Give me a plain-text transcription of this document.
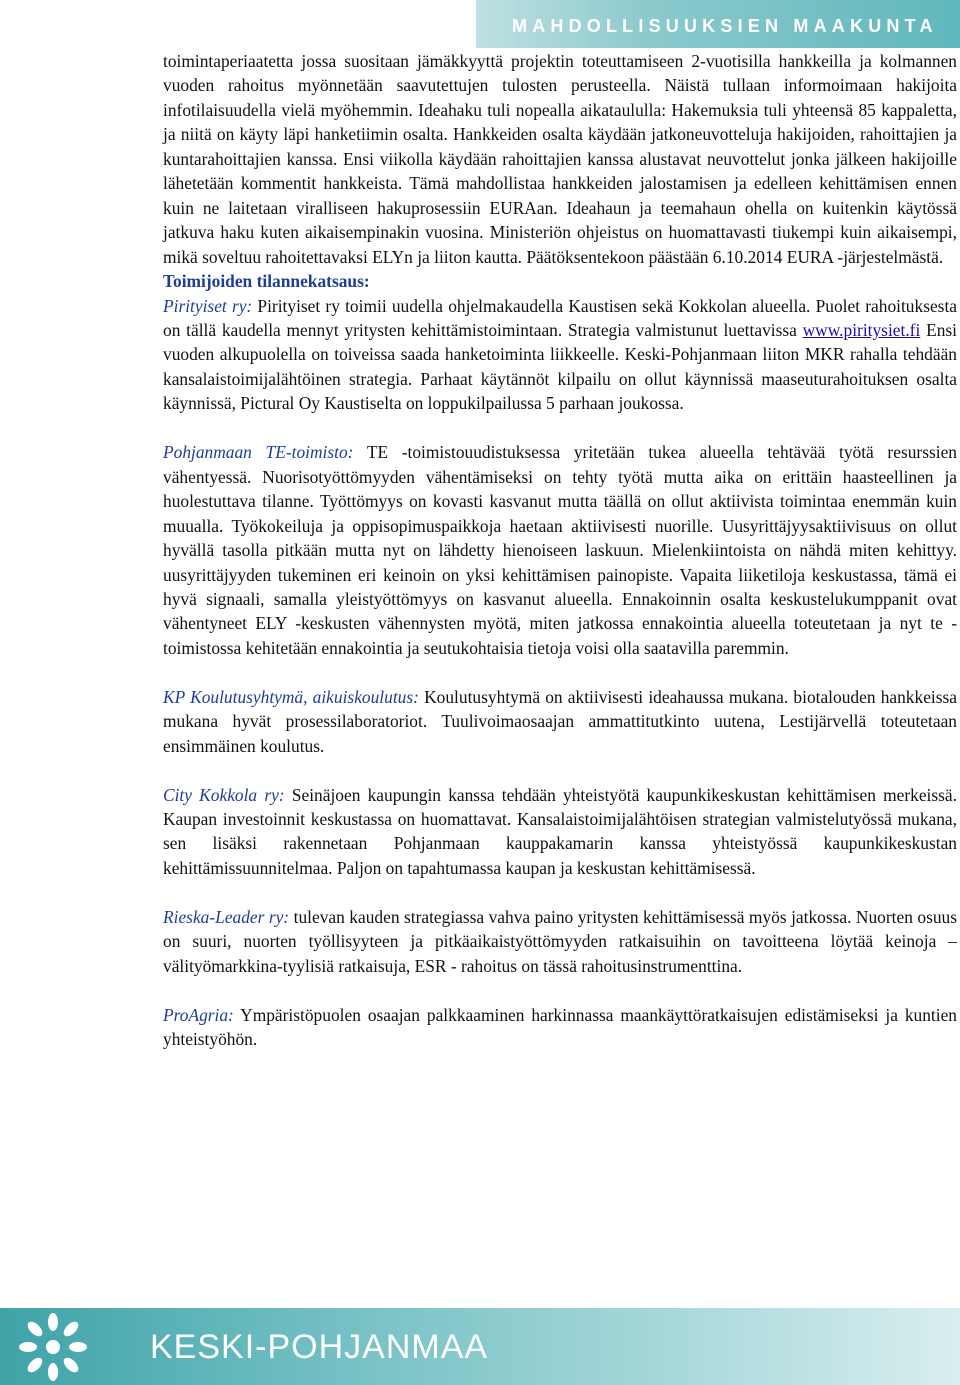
MAHDOLLISUUKSIEN MAAKUNTA

toimintaperiaatetta jossa suositaan jämäkkyyttä projektin toteuttamiseen 2-vuotisilla hankkeilla ja kolmannen vuoden rahoitus myönnetään saavutettujen tulosten perusteella. Näistä tullaan informoimaan hakijoita infotilaisuudella vielä myöhemmin. Ideahaku tuli nopealla aikataululla: Hakemuksia tuli yhteensä 85 kappaletta, ja niitä on käyty läpi hanketiimin osalta. Hankkeiden osalta käydään jatkoneuvotteluja hakijoiden, rahoittajien ja kuntarahoittajien kanssa. Ensi viikolla käydään rahoittajien kanssa alustavat neuvottelut jonka jälkeen hakijoille lähetetään kommentit hankkeista. Tämä mahdollistaa hankkeiden jalostamisen ja edelleen kehittämisen ennen kuin ne laitetaan viralliseen hakuprosessiin EURAan. Ideahaun ja teemahaun ohella on kuitenkin käytössä jatkuva haku kuten aikaisempinakin vuosina. Ministeriön ohjeistus on huomattavasti tiukempi kuin aikaisempi, mikä soveltuu rahoitettavaksi ELYn ja liiton kautta. Päätöksentekoon päästään 6.10.2014 EURA -järjestelmästä.

Toimijoiden tilannekatsaus:

Pirityiset ry: Pirityiset ry toimii uudella ohjelmakaudella Kaustisen sekä Kokkolan alueella. Puolet rahoituksesta on tällä kaudella mennyt yritysten kehittämistoimintaan. Strategia valmistunut luettavissa www.piritysiet.fi Ensi vuoden alkupuolella on toiveissa saada hanketoiminta liikkeelle. Keski-Pohjanmaan liiton MKR rahalla tehdään kansalaistoimijalähtöinen strategia. Parhaat käytännöt kilpailu on ollut käynnissä maaseuturahoituksen osalta käynnissä, Pictural Oy Kaustiselta on loppukilpailussa 5 parhaan joukossa.

Pohjanmaan TE-toimisto: TE -toimistouudistuksessa yritetään tukea alueella tehtävää työtä resurssien vähentyessä. Nuorisotyöttömyyden vähentämiseksi on tehty työtä mutta aika on erittäin haasteellinen ja huolestuttava tilanne. Työttömyys on kovasti kasvanut mutta täällä on ollut aktiivista toimintaa enemmän kuin muualla. Työkokeiluja ja oppisopimuspaikkoja haetaan aktiivisesti nuorille. Uusyrittäjyysaktiivisuus on ollut hyvällä tasolla pitkään mutta nyt on lähdetty hienoiseen laskuun. Mielenkiintoista on nähdä miten kehittyy. uusyrittäjyyden tukeminen eri keinoin on yksi kehittämisen painopiste. Vapaita liiketiloja keskustassa, tämä ei hyvä signaali, samalla yleistyöttömyys on kasvanut alueella. Ennakoinnin osalta keskustelukumppanit ovat vähentyneet ELY -keskusten vähennysten myötä, miten jatkossa ennakointia alueella toteutetaan ja nyt te -toimistossa kehitetään ennakointia ja seutukohtaisia tietoja voisi olla saatavilla paremmin.

KP Koulutusyhtymä, aikuiskoulutus: Koulutusyhtymä on aktiivisesti ideahaussa mukana. biotalouden hankkeissa mukana hyvät prosessilaboratoriot. Tuulivoimaosaajan ammattitutkinto uutena, Lestijärvellä toteutetaan ensimmäinen koulutus.

City Kokkola ry: Seinäjoen kaupungin kanssa tehdään yhteistyötä kaupunkikeskustan kehittämisen merkeissä. Kaupan investoinnit keskustassa on huomattavat. Kansalaistoimijalähtöisen strategian valmistelutyössä mukana, sen lisäksi rakennetaan Pohjanmaan kauppakamarin kanssa yhteistyössä kaupunkikeskustan kehittämissuunnitelmaa. Paljon on tapahtumassa kaupan ja keskustan kehittämisessä.

Rieska-Leader ry: tulevan kauden strategiassa vahva paino yritysten kehittämisessä myös jatkossa. Nuorten osuus on suuri, nuorten työllisyyteen ja pitkäaikaistyöttömyyden ratkaisuihin on tavoitteena löytää keinoja – välityömarkkina-tyylisiä ratkaisuja, ESR - rahoitus on tässä rahoitusinstrumenttina.

ProAgria: Ympäristöpuolen osaajan palkkaaminen harkinnassa maankäyttöratkaisujen edistämiseksi ja kuntien yhteistyöhön.

KESKI-POHJANMAA
